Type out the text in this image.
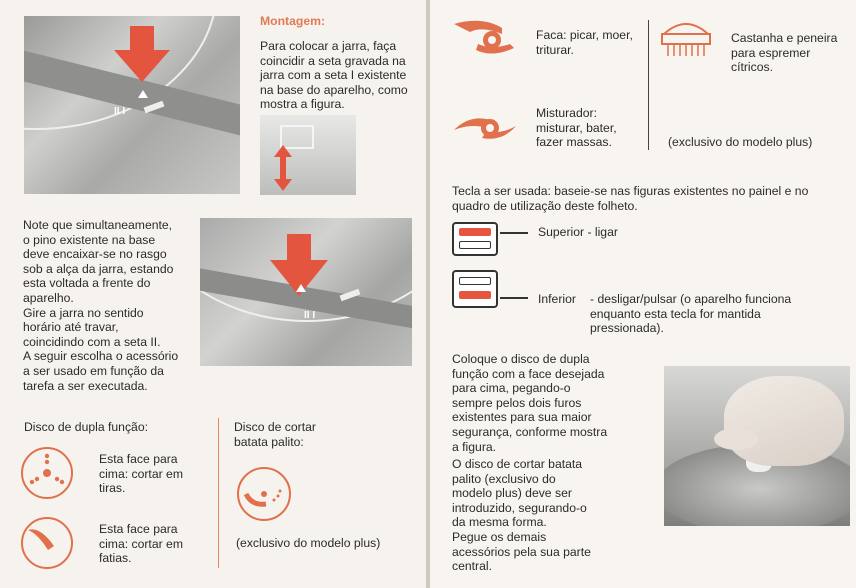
II I
Montagem:
Para colocar a jarra, faça
coincidir a seta gravada na
jarra com a seta I existente
na base do aparelho, como
mostra a figura.
Note que simultaneamente,
o pino existente na base
deve encaixar-se no rasgo
sob a alça da jarra, estando
esta voltada a frente do
aparelho.
Gire a jarra no sentido
horário até travar,
coincidindo com a seta II.
A seguir escolha o acessório
a ser usado em função da
tarefa a ser executada.
II I
Disco de dupla função:
Esta face para
cima: cortar em
tiras.
Esta face para
cima: cortar em
fatias.
Disco de cortar
batata palito:
(exclusivo do modelo plus)
Faca: picar, moer,
triturar.
Castanha e peneira
para espremer
cítricos.
Misturador:
misturar, bater,
fazer massas.	(exclusivo do modelo plus)
Tecla a ser usada: baseie-se nas figuras existentes no painel e no
quadro de utilização deste folheto.
Superior - ligar
Inferior - desligar/pulsar (o aparelho funciona
enquanto esta tecla for mantida
pressionada).
Coloque o disco de dupla
função com a face desejada
para cima, pegando-o
sempre pelos dois furos
existentes para sua maior
segurança, conforme mostra
a figura.
O disco de cortar batata
palito (exclusivo do
modelo plus) deve ser
introduzido, segurando-o
da mesma forma.
Pegue os demais
acessórios pela sua parte
central.
